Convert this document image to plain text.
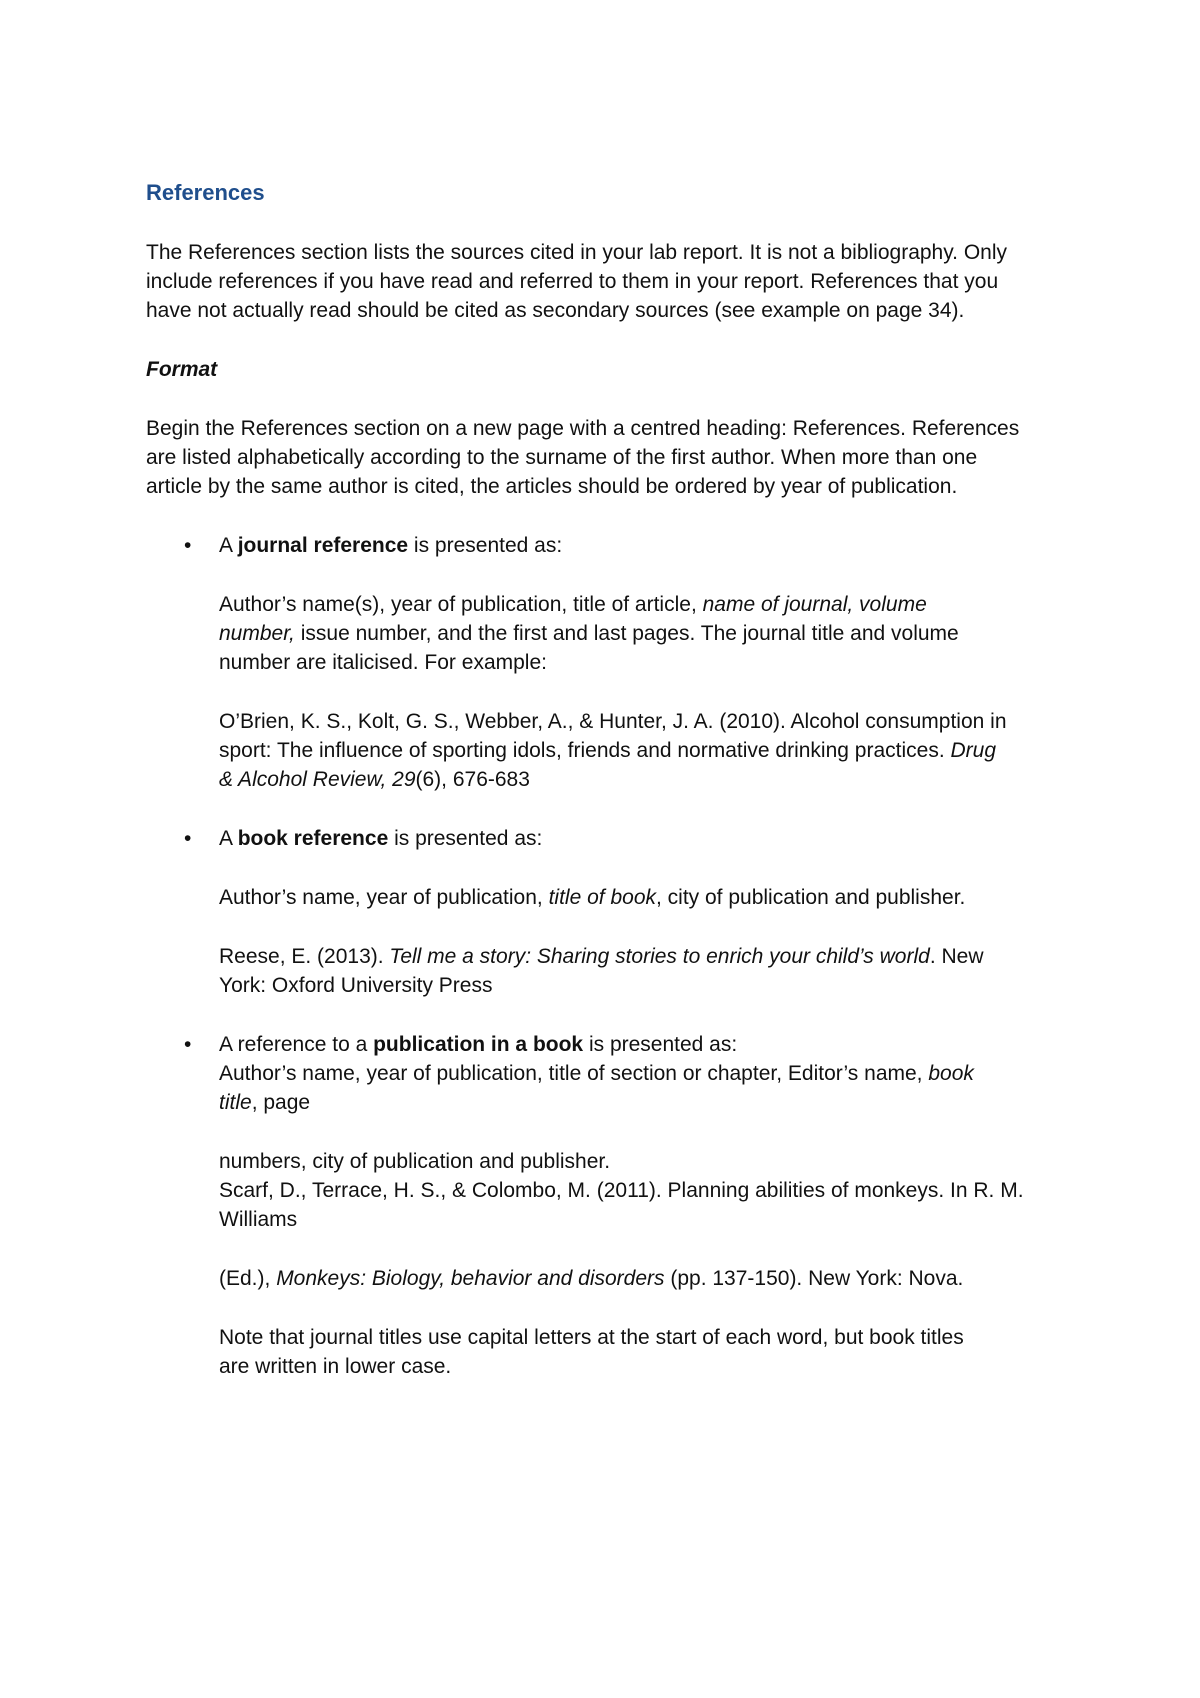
References
The References section lists the sources cited in your lab report. It is not a bibliography. Only
include references if you have read and referred to them in your report. References that you
have not actually read should be cited as secondary sources (see example on page 34).
Format
Begin the References section on a new page with a centred heading: References. References
are listed alphabetically according to the surname of the first author. When more than one
article by the same author is cited, the articles should be ordered by year of publication.
• A journal reference is presented as:
Author’s name(s), year of publication, title of article, name of journal, volume
number, issue number, and the first and last pages. The journal title and volume
number are italicised. For example:
O’Brien, K. S., Kolt, G. S., Webber, A., & Hunter, J. A. (2010). Alcohol consumption in
sport: The influence of sporting idols, friends and normative drinking practices. Drug
& Alcohol Review, 29(6), 676-683
• A book reference is presented as:
Author’s name, year of publication, title of book, city of publication and publisher.
Reese, E. (2013). Tell me a story: Sharing stories to enrich your child’s world. New
York: Oxford University Press
• A reference to a publication in a book is presented as:
Author’s name, year of publication, title of section or chapter, Editor’s name, book
title, page
numbers, city of publication and publisher.
Scarf, D., Terrace, H. S., & Colombo, M. (2011). Planning abilities of monkeys. In R. M.
Williams
(Ed.), Monkeys: Biology, behavior and disorders (pp. 137-150). New York: Nova.
Note that journal titles use capital letters at the start of each word, but book titles
are written in lower case.
